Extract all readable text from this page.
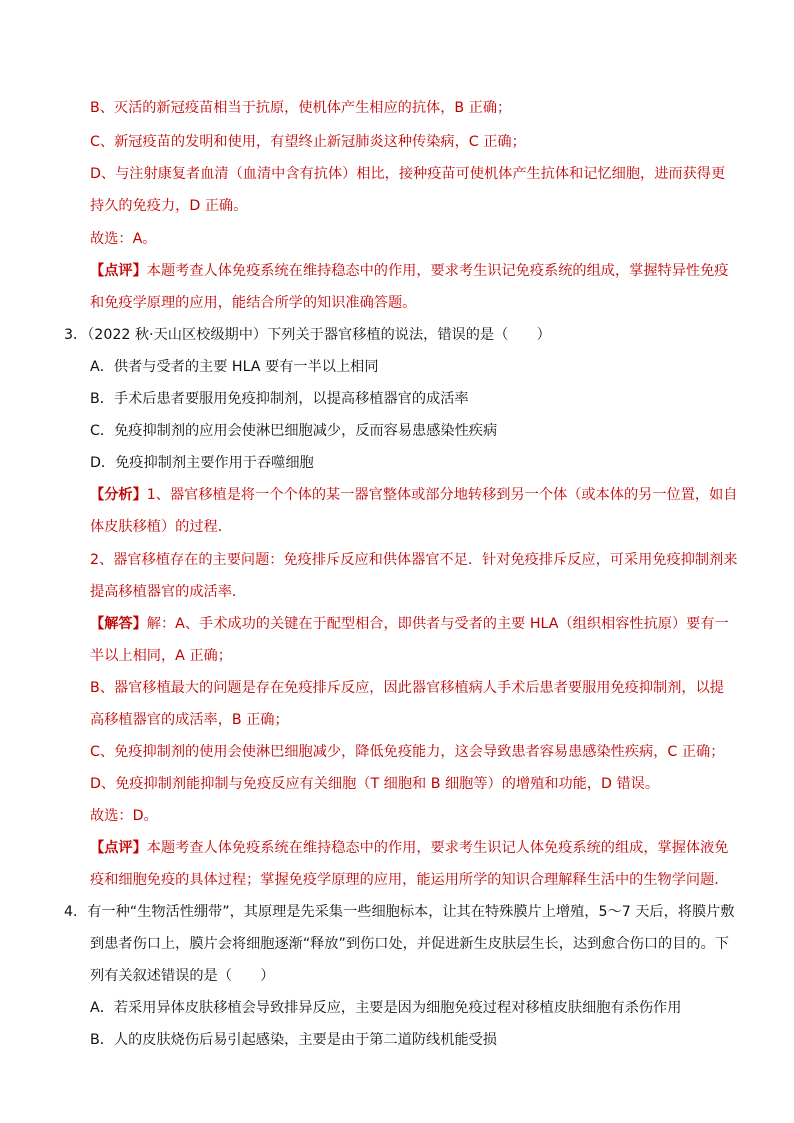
B、灭活的新冠疫苗相当于抗原，使机体产生相应的抗体，B 正确；
C、新冠疫苗的发明和使用，有望终止新冠肺炎这种传染病，C 正确；
D、与注射康复者血清（血清中含有抗体）相比，接种疫苗可使机体产生抗体和记忆细胞，进而获得更
持久的免疫力，D 正确。
故选：A。
【点评】本题考查人体免疫系统在维持稳态中的作用，要求考生识记免疫系统的组成，掌握特异性免疫
和免疫学原理的应用，能结合所学的知识准确答题。
3．（2022 秋·天山区校级期中）下列关于器官移植的说法，错误的是（　　）
A．供者与受者的主要 HLA 要有一半以上相同
B．手术后患者要服用免疫抑制剂，以提高移植器官的成活率
C．免疫抑制剂的应用会使淋巴细胞减少，反而容易患感染性疾病
D．免疫抑制剂主要作用于吞噬细胞
【分析】1、器官移植是将一个个体的某一器官整体或部分地转移到另一个体（或本体的另一位置，如自
体皮肤移植）的过程．
2、器官移植存在的主要问题：免疫排斥反应和供体器官不足．针对免疫排斥反应，可采用免疫抑制剂来
提高移植器官的成活率．
【解答】解：A、手术成功的关键在于配型相合，即供者与受者的主要 HLA（组织相容性抗原）要有一
半以上相同，A 正确；
B、器官移植最大的问题是存在免疫排斥反应，因此器官移植病人手术后患者要服用免疫抑制剂，以提
高移植器官的成活率，B 正确；
C、免疫抑制剂的使用会使淋巴细胞减少，降低免疫能力，这会导致患者容易患感染性疾病，C 正确；
D、免疫抑制剂能抑制与免疫反应有关细胞（T 细胞和 B 细胞等）的增殖和功能，D 错误。
故选：D。
【点评】本题考查人体免疫系统在维持稳态中的作用，要求考生识记人体免疫系统的组成，掌握体液免
疫和细胞免疫的具体过程；掌握免疫学原理的应用，能运用所学的知识合理解释生活中的生物学问题．
4．有一种“生物活性绷带”，其原理是先采集一些细胞标本，让其在特殊膜片上增殖，5～7 天后，将膜片敷
到患者伤口上，膜片会将细胞逐渐“释放”到伤口处，并促进新生皮肤层生长，达到愈合伤口的目的。下
列有关叙述错误的是（　　）
A．若采用异体皮肤移植会导致排异反应，主要是因为细胞免疫过程对移植皮肤细胞有杀伤作用
B．人的皮肤烧伤后易引起感染，主要是由于第二道防线机能受损
